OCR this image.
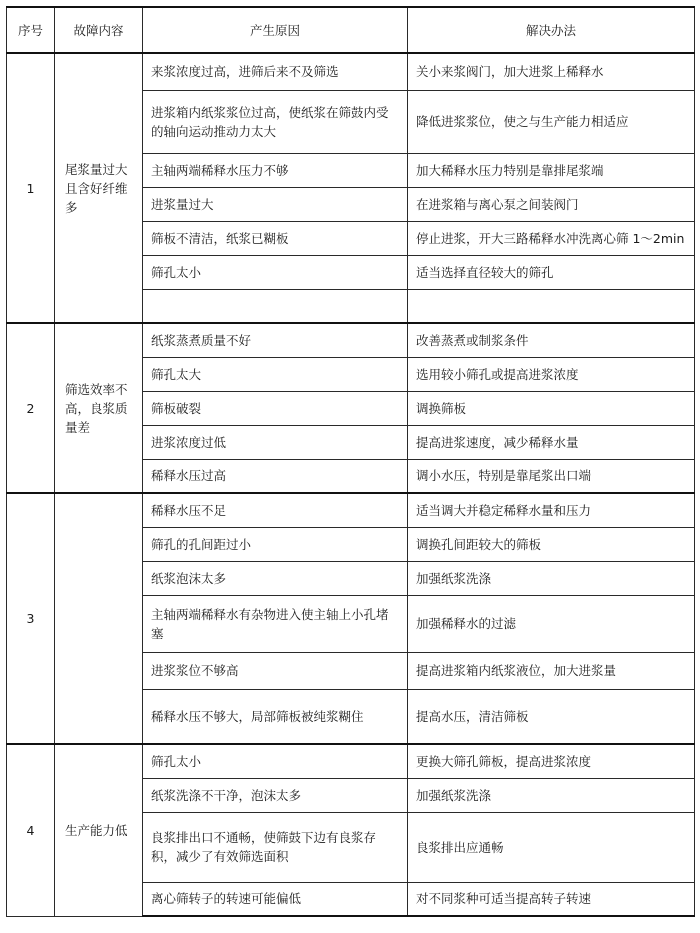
序号	故障内容	产生原因	解决办法
1	尾浆量过大且含好纤维多	来浆浓度过高，进筛后来不及筛选	关小来浆阀门，加大进浆上稀释水
		进浆箱内纸浆浆位过高，使纸浆在筛鼓内受的轴向运动推动力太大	降低进浆浆位，使之与生产能力相适应
		主轴两端稀释水压力不够	加大稀释水压力特别是靠排尾浆端
		进浆量过大	在进浆箱与离心泵之间装阀门
		筛板不清洁，纸浆已糊板	停止进浆，开大三路稀释水冲洗离心筛 1～2min
		筛孔太小	适当选择直径较大的筛孔

2	筛选效率不高，良浆质量差	纸浆蒸煮质量不好	改善蒸煮或制浆条件
		筛孔太大	选用较小筛孔或提高进浆浓度
		筛板破裂	调换筛板
		进浆浓度过低	提高进浆速度，减少稀释水量
		稀释水压过高	调小水压，特别是靠尾浆出口端
3		稀释水压不足	适当调大并稳定稀释水量和压力
		筛孔的孔间距过小	调换孔间距较大的筛板
		纸浆泡沫太多	加强纸浆洗涤
		主轴两端稀释水有杂物进入使主轴上小孔堵塞	加强稀释水的过滤
		进浆浆位不够高	提高进浆箱内纸浆液位，加大进浆量
		稀释水压不够大，局部筛板被纯浆糊住	提高水压，清洁筛板
4	生产能力低	筛孔太小	更换大筛孔筛板，提高进浆浓度
		纸浆洗涤不干净，泡沫太多	加强纸浆洗涤
		良浆排出口不通畅，使筛鼓下边有良浆存积，减少了有效筛选面积	良浆排出应通畅
		离心筛转子的转速可能偏低	对不同浆种可适当提高转子转速
